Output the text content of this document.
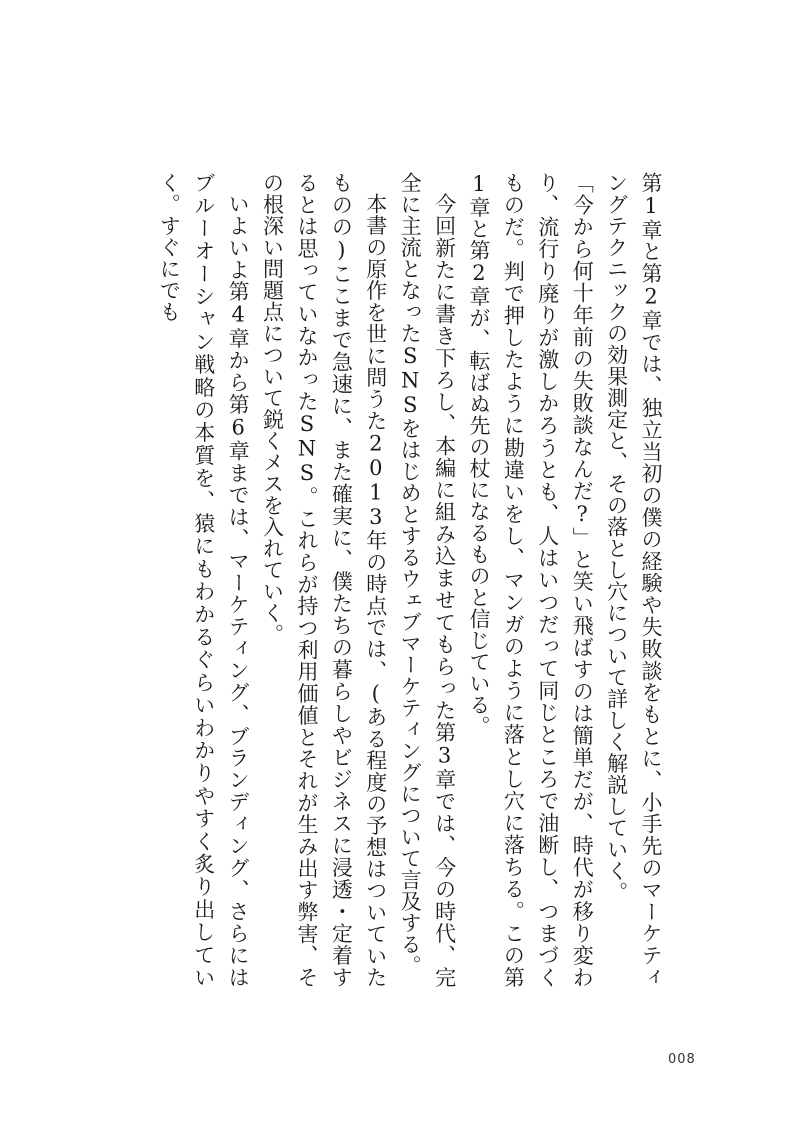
第1章と第2章では、独立当初の僕の経験や失敗談をもとに、小手先のマーケティングテクニックの効果測定と、その落とし穴について詳しく解説していく。

「今から何十年前の失敗談なんだ?」と笑い飛ばすのは簡単だが、時代が移り変わり、流行り廃りが激しかろうとも、人はいつだって同じところで油断し、つまづくものだ。判で押したように勘違いをし、マンガのように落とし穴に落ちる。この第1章と第2章が、転ばぬ先の杖になるものと信じている。

今回新たに書き下ろし、本編に組み込ませてもらった第3章では、今の時代、完全に主流となったSNSをはじめとするウェブマーケティングについて言及する。

本書の原作を世に問うた2013年の時点では、(ある程度の予想はついていたものの)ここまで急速に、また確実に、僕たちの暮らしやビジネスに浸透・定着するとは思っていなかったSNS。これらが持つ利用価値とそれが生み出す弊害、その根深い問題点について鋭くメスを入れていく。

いよいよ第4章から第6章までは、マーケティング、ブランディング、さらにはブルーオーシャン戦略の本質を、猿にもわかるぐらいわかりやすく炙り出していく。すぐにでも

008
